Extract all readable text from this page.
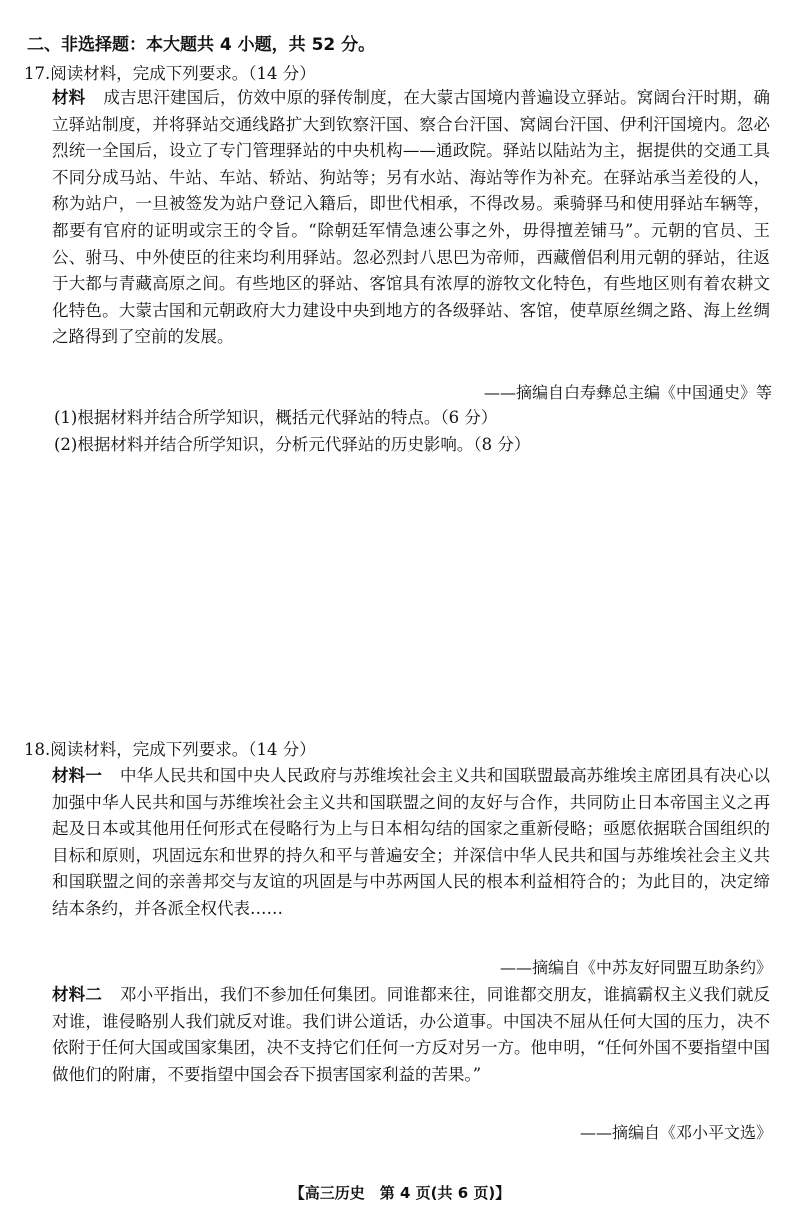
二、非选择题：本大题共 4 小题，共 52 分。
17.阅读材料，完成下列要求。（14 分）
材料 成吉思汗建国后，仿效中原的驿传制度，在大蒙古国境内普遍设立驿站。窝阔台汗时期，确立驿站制度，并将驿站交通线路扩大到钦察汗国、察合台汗国、窝阔台汗国、伊利汗国境内。忽必烈统一全国后，设立了专门管理驿站的中央机构——通政院。驿站以陆站为主，据提供的交通工具不同分成马站、牛站、车站、轿站、狗站等；另有水站、海站等作为补充。在驿站承当差役的人，称为站户，一旦被签发为站户登记入籍后，即世代相承，不得改易。乘骑驿马和使用驿站车辆等，都要有官府的证明或宗王的令旨。“除朝廷军情急速公事之外，毋得擅差铺马”。元朝的官员、王公、驸马、中外使臣的往来均利用驿站。忽必烈封八思巴为帝师，西藏僧侣利用元朝的驿站，往返于大都与青藏高原之间。有些地区的驿站、客馆具有浓厚的游牧文化特色，有些地区则有着农耕文化特色。大蒙古国和元朝政府大力建设中央到地方的各级驿站、客馆，使草原丝绸之路、海上丝绸之路得到了空前的发展。
——摘编自白寿彝总主编《中国通史》等
(1)根据材料并结合所学知识，概括元代驿站的特点。（6 分）
(2)根据材料并结合所学知识，分析元代驿站的历史影响。（8 分）
18.阅读材料，完成下列要求。（14 分）
材料一 中华人民共和国中央人民政府与苏维埃社会主义共和国联盟最高苏维埃主席团具有决心以加强中华人民共和国与苏维埃社会主义共和国联盟之间的友好与合作，共同防止日本帝国主义之再起及日本或其他用任何形式在侵略行为上与日本相勾结的国家之重新侵略；亟愿依据联合国组织的目标和原则，巩固远东和世界的持久和平与普遍安全；并深信中华人民共和国与苏维埃社会主义共和国联盟之间的亲善邦交与友谊的巩固是与中苏两国人民的根本利益相符合的；为此目的，决定缔结本条约，并各派全权代表……
——摘编自《中苏友好同盟互助条约》
材料二 邓小平指出，我们不参加任何集团。同谁都来往，同谁都交朋友，谁搞霸权主义我们就反对谁，谁侵略别人我们就反对谁。我们讲公道话，办公道事。中国决不屈从任何大国的压力，决不依附于任何大国或国家集团，决不支持它们任何一方反对另一方。他申明，“任何外国不要指望中国做他们的附庸，不要指望中国会吞下损害国家利益的苦果。”
——摘编自《邓小平文选》
【高三历史　第 4 页(共 6 页)】
